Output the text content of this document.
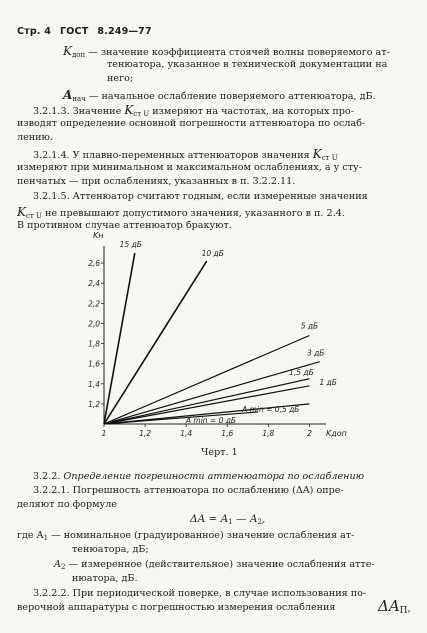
Стр. 4 ГОСТ 8.249—77

$K_{доп}$ — значение коэффициента стоячей волны поверяемого ат-

тенюатора, указанное в технической документации на

него;

$A_{нач}$ — начальное ослабление поверяемого аттенюатора, дБ.

3.2.1.3. Значение $K_{ст U}$ измеряют на частотах, на которых про-

изводят определение основной погрешности аттенюатора по ослаб-

лению.

3.2.1.4. У плавно-переменных аттенюаторов значения $K_{ст U}$

измеряют при минимальном и максимальном ослаблениях, а у сту-

пенчатых — при ослаблениях, указанных в п. 3.2.2.11.

3.2.1.5. Аттенюатор считают годным, если измеренные значения

$K_{ст U}$ не превышают допустимого значения, указанного в п. 2.4.

В противном случае аттенюатор бракуют.

1,2
1,4
1,6
1,8
2,0
2,2
2,4
2,6
1	1,2	1,4	1,6	1,8	2
Kн
Kдоп
15 дБ
10 дБ
5 дБ
3 дБ
1,5 дБ
1 дБ
A min = 0,5 дБ
A min = 0 дБ
Черт. 1

3.2.2. Определение погрешности аттенюатора по ослаблению

3.2.2.1. Погрешность аттенюатора по ослаблению (ΔA) опре-

деляют по формуле

ΔA = A1 — A2,

где $A_1$ — номинальное (градуированное) значение ослабления ат-

тенюатора, дБ;

$A_2$ — измеренное (действительное) значение ослабления атте-

нюатора, дБ.

3.2.2.2. При периодической поверке, в случае использования по-

верочной аппаратуры с погрешностью измерения ослабления	$\Delta A_П$,
